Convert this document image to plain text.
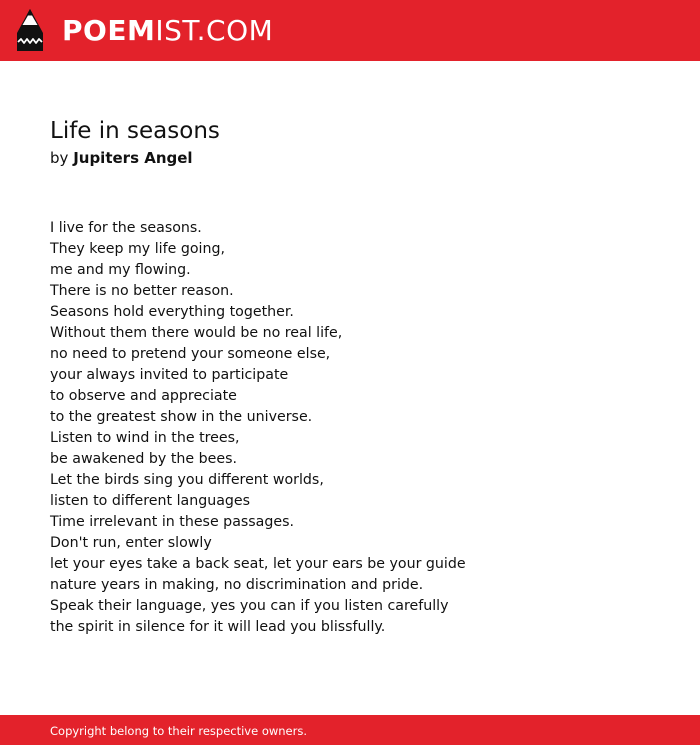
POEMIST.COM
Life in seasons
by Jupiters Angel
I live for the seasons.
They keep my life going,
me and my flowing.
There is no better reason.
Seasons hold everything together.
Without them there would be no real life,
no need to pretend your someone else,
your always invited to participate
to observe and appreciate
to the greatest show in the universe.
Listen to wind in the trees,
be awakened by the bees.
Let the birds sing you different worlds,
listen to different languages
Time irrelevant in these passages.
Don't run, enter slowly
let your eyes take a back seat, let your ears be your guide
nature years in making, no discrimination and pride.
Speak their language, yes you can if you listen carefully
the spirit in silence for it will lead you blissfully.
Copyright belong to their respective owners.
